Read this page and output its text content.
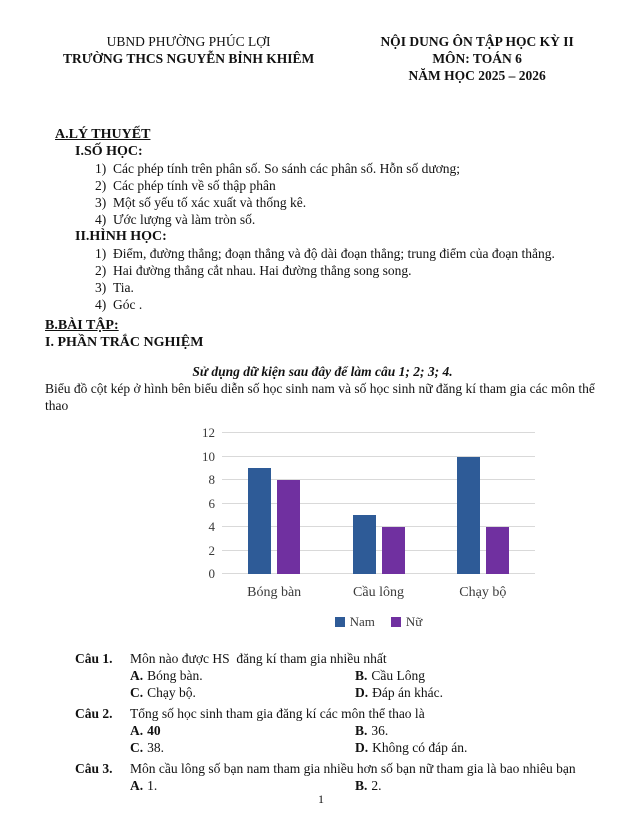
UBND PHƯỜNG PHÚC LỢI
TRƯỜNG THCS NGUYỄN BỈNH KHIÊM
NỘI DUNG ÔN TẬP HỌC KỲ II
MÔN: TOÁN 6
NĂM HỌC 2025 – 2026
A.LÝ THUYẾT
I.SỐ HỌC:
1) Các phép tính trên phân số. So sánh các phân số. Hỗn số dương;
2) Các phép tính về số thập phân
3) Một số yếu tố xác xuất và thống kê.
4) Ước lượng và làm tròn số.
II.HÌNH HỌC:
1) Điểm, đường thẳng; đoạn thẳng và độ dài đoạn thẳng; trung điểm của đoạn thẳng.
2) Hai đường thẳng cắt nhau. Hai đường thẳng song song.
3) Tia.
4) Góc .
B.BÀI TẬP:
I. PHẦN TRẮC NGHIỆM
Sử dụng dữ kiện sau đây để làm câu 1; 2; 3; 4.
Biểu đồ cột kép ở hình bên biểu diễn số học sinh nam và số học sinh nữ đăng kí tham gia các môn thể thao
0
2
4
6
8
10
12
Bóng bàn	Cầu lông	Chạy bộ
Nam Nữ
Câu 1.	Môn nào được HS  đăng kí tham gia nhiều nhất
A. Bóng bàn.	B. Cầu Lông
C. Chạy bộ.	D. Đáp án khác.
Câu 2.	Tổng số học sinh tham gia đăng kí các môn thể thao là
A. 40	B. 36.
C. 38.	D. Không có đáp án.
Câu 3.	Môn cầu lông số bạn nam tham gia nhiều hơn số bạn nữ tham gia là bao nhiêu bạn
A. 1.	B. 2.
1
